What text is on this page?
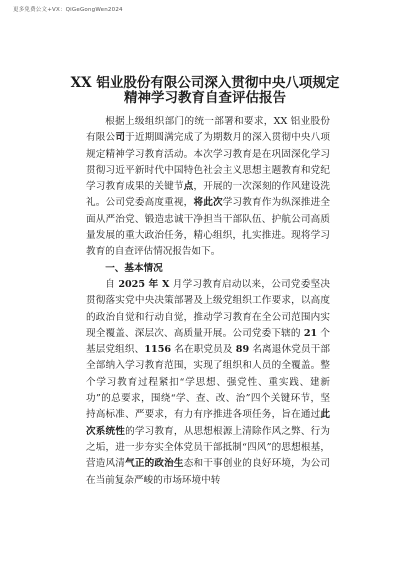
更多免费公文+VX：QiGeGongWen2024
XX 铝业股份有限公司深入贯彻中央八项规定
精神学习教育自查评估报告

根据上级组织部门的统一部署和要求，XX 铝业股份有限公司于近期圆满完成了为期数月的深入贯彻中央八项规定精神学习教育活动。本次学习教育是在巩固深化学习贯彻习近平新时代中国特色社会主义思想主题教育和党纪学习教育成果的关键节点，开展的一次深刻的作风建设洗礼。公司党委高度重视，将此次学习教育作为纵深推进全面从严治党、锻造忠诚干净担当干部队伍、护航公司高质量发展的重大政治任务，精心组织，扎实推进。现将学习教育的自查评估情况报告如下。

一、基本情况

自 2025 年 X 月学习教育启动以来，公司党委坚决贯彻落实党中央决策部署及上级党组织工作要求，以高度的政治自觉和行动自觉，推动学习教育在全公司范围内实现全覆盖、深层次、高质量开展。公司党委下辖的 21 个基层党组织、1156 名在职党员及 89 名离退休党员干部全部纳入学习教育范围，实现了组织和人员的全覆盖。整个学习教育过程紧扣“学思想、强党性、重实践、建新功”的总要求，围绕“学、查、改、治”四个关键环节，坚持高标准、严要求，有力有序推进各项任务，旨在通过此次系统性的学习教育，从思想根源上清除作风之弊、行为之垢，进一步夯实全体党员干部抵制“四风”的思想根基，营造风清气正的政治生态和干事创业的良好环境，为公司在当前复杂严峻的市场环境中转
